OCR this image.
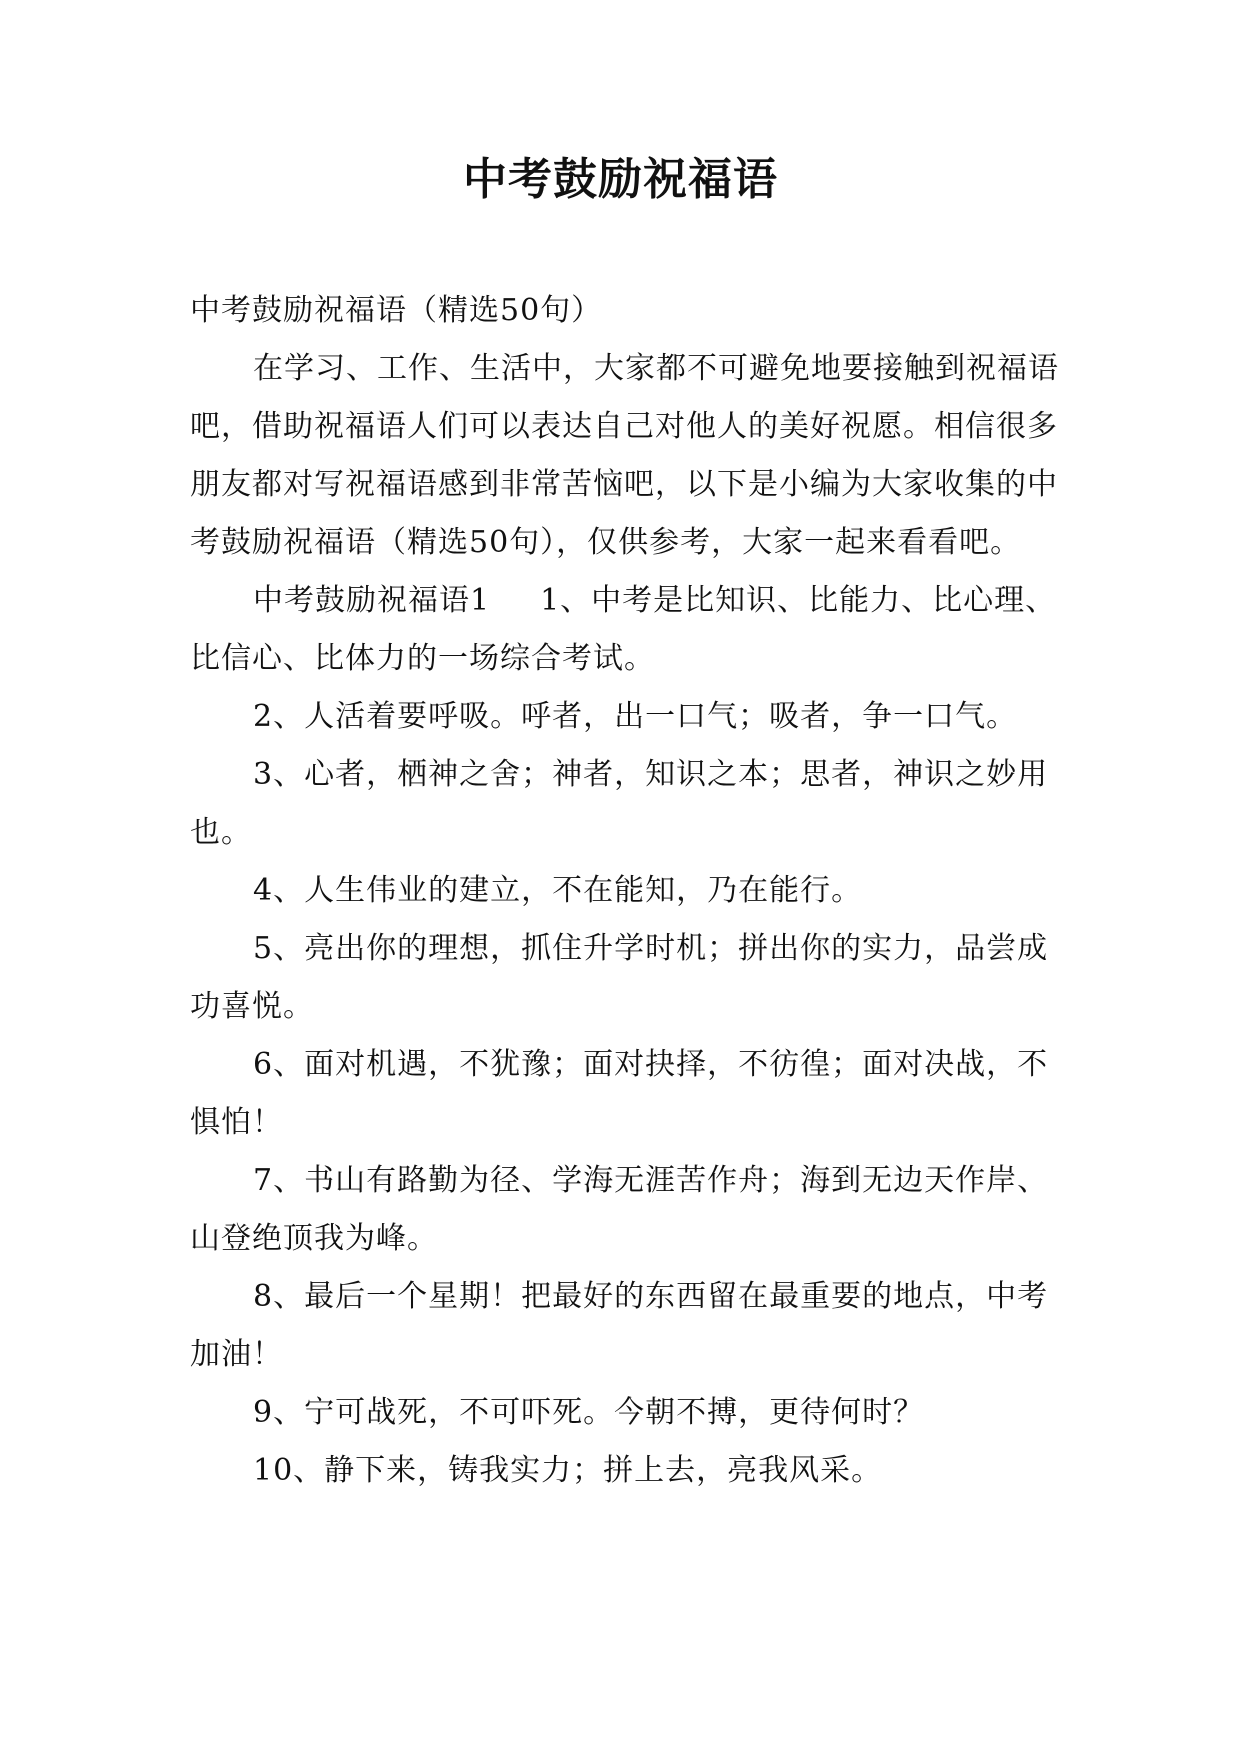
中考鼓励祝福语

中考鼓励祝福语（精选50句）

在学习、工作、生活中，大家都不可避免地要接触到祝福语吧，借助祝福语人们可以表达自己对他人的美好祝愿。相信很多朋友都对写祝福语感到非常苦恼吧，以下是小编为大家收集的中考鼓励祝福语（精选50句），仅供参考，大家一起来看看吧。

中考鼓励祝福语1 1、中考是比知识、比能力、比心理、比信心、比体力的一场综合考试。

2、人活着要呼吸。呼者，出一口气；吸者，争一口气。

3、心者，栖神之舍；神者，知识之本；思者，神识之妙用也。

4、人生伟业的建立，不在能知，乃在能行。

5、亮出你的理想，抓住升学时机；拼出你的实力，品尝成功喜悦。

6、面对机遇，不犹豫；面对抉择，不彷徨；面对决战，不惧怕！

7、书山有路勤为径、学海无涯苦作舟；海到无边天作岸、山登绝顶我为峰。

8、最后一个星期！把最好的东西留在最重要的地点，中考加油！

9、宁可战死，不可吓死。今朝不搏，更待何时？

10、静下来，铸我实力；拼上去，亮我风采。
